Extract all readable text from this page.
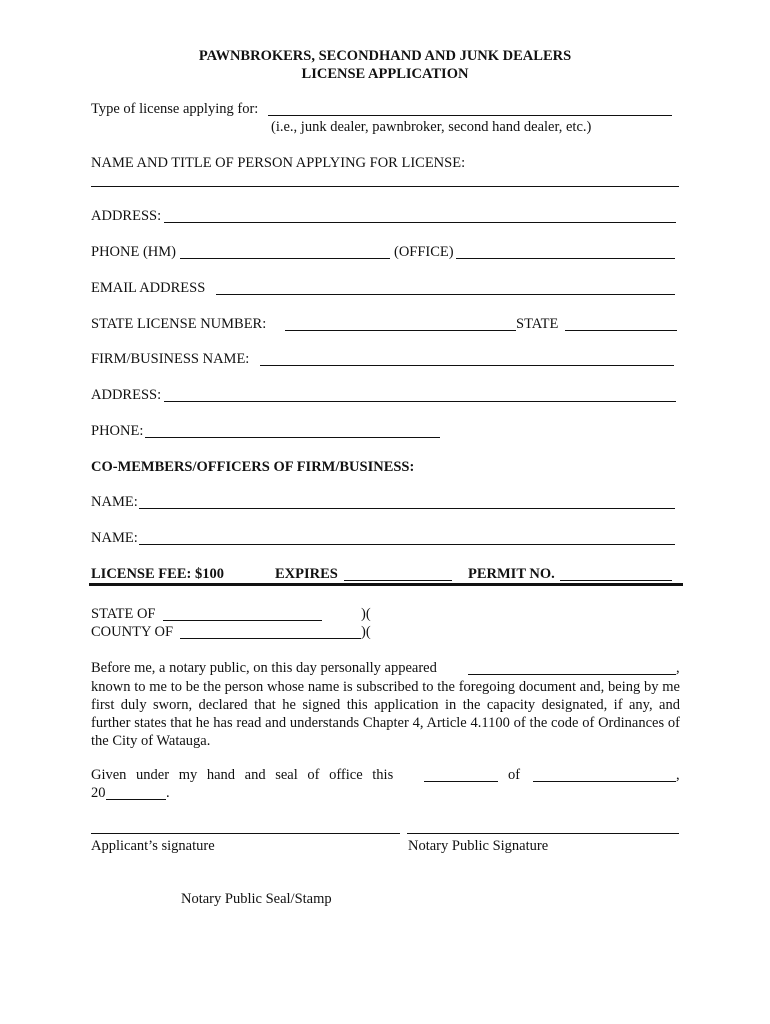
PAWNBROKERS, SECONDHAND AND JUNK DEALERS
LICENSE APPLICATION
Type of license applying for:
(i.e., junk dealer, pawnbroker, second hand dealer, etc.)
NAME AND TITLE OF PERSON APPLYING FOR LICENSE:
ADDRESS:
PHONE (HM)	(OFFICE)
EMAIL ADDRESS
STATE LICENSE NUMBER:	STATE
FIRM/BUSINESS NAME:
ADDRESS:
PHONE:
CO-MEMBERS/OFFICERS OF FIRM/BUSINESS:
NAME:
NAME:
LICENSE FEE: $100	EXPIRES	PERMIT NO.
STATE OF	)(
COUNTY OF	)(
Before me, a notary public, on this day personally appeared	,
known to me to be the person whose name is subscribed to the foregoing document and, being by me first duly sworn, declared that he signed this application in the capacity designated, if any, and further states that he has read and understands Chapter 4, Article 4.1100 of the code of Ordinances of the City of Watauga.
Given under my hand and seal of office this	of	,
20	.
Applicant’s signature	Notary Public Signature
Notary Public Seal/Stamp
